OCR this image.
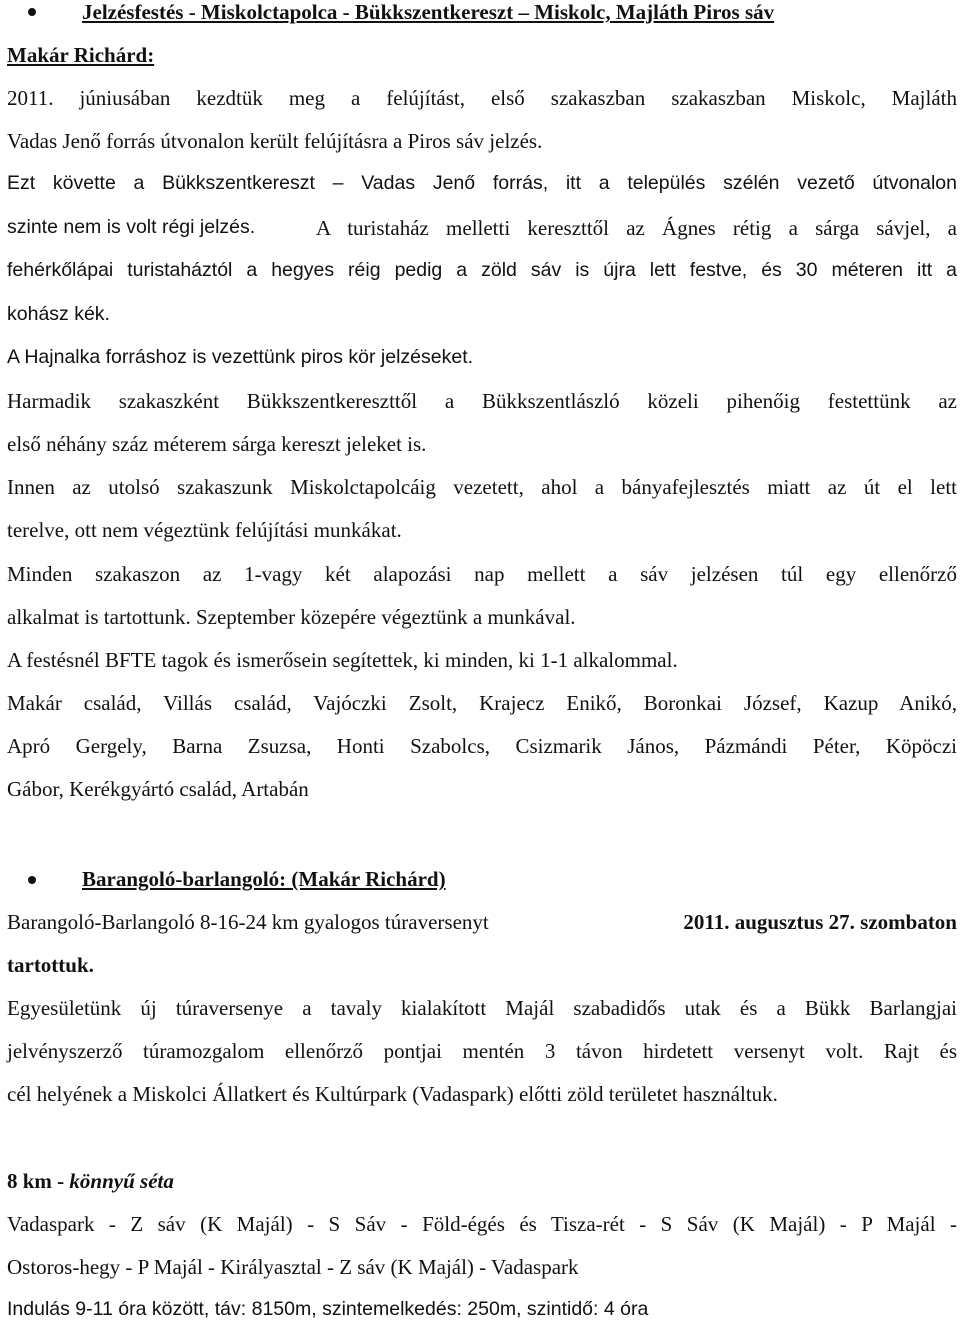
Jelzésfestés - Miskolctapolca - Bükkszentkereszt – Miskolc, Majláth Piros sáv
Makár Richárd:
2011. júniusában kezdtük meg a felújítást, első szakaszban szakaszban Miskolc, Majláth
Vadas Jenő forrás útvonalon került felújításra a Piros sáv jelzés.
Ezt követte a Bükkszentkereszt – Vadas Jenő forrás, itt a település szélén vezető útvonalon
szinte nem is volt régi jelzés.	A turistaház melletti kereszttől az Ágnes rétig a sárga sávjel, a
fehérkőlápai turistaháztól a hegyes réig pedig a zöld sáv is újra lett festve, és 30 méteren itt a
kohász kék.
A Hajnalka forráshoz is vezettünk piros kör jelzéseket.
Harmadik szakaszként Bükkszentkereszttől a Bükkszentlászló közeli pihenőig festettünk az
első néhány száz méterem sárga kereszt jeleket is.
Innen az utolsó szakaszunk Miskolctapolcáig vezetett, ahol a bányafejlesztés miatt az út el lett
terelve, ott nem végeztünk felújítási munkákat.
Minden szakaszon az 1-vagy két alapozási nap mellett a sáv jelzésen túl egy ellenőrző
alkalmat is tartottunk. Szeptember közepére végeztünk a munkával.
A festésnél BFTE tagok és ismerősein segítettek, ki minden, ki 1-1 alkalommal.
Makár család, Villás család, Vajóczki Zsolt, Krajecz Enikő, Boronkai József, Kazup Anikó,
Apró Gergely, Barna Zsuzsa, Honti Szabolcs, Csizmarik János, Pázmándi Péter, Köpöczi
Gábor, Kerékgyártó család, Artabán
Barangoló-barlangoló: (Makár Richárd)
Barangoló-Barlangoló 8-16-24 km gyalogos túraversenyt	2011. augusztus 27. szombaton
tartottuk.
Egyesületünk új túraversenye a tavaly kialakított Majál szabadidős utak és a Bükk Barlangjai
jelvényszerző túramozgalom ellenőrző pontjai mentén 3 távon hirdetett versenyt volt. Rajt és
cél helyének a Miskolci Állatkert és Kultúrpark (Vadaspark) előtti zöld területet használtuk.
8 km - könnyű séta
Vadaspark - Z sáv (K Majál) - S Sáv - Föld-égés és Tisza-rét - S Sáv (K Majál) - P Majál -
Ostoros-hegy - P Majál - Királyasztal - Z sáv (K Majál) - Vadaspark
Indulás 9-11 óra között, táv: 8150m, szintemelkedés: 250m, szintidő: 4 óra
